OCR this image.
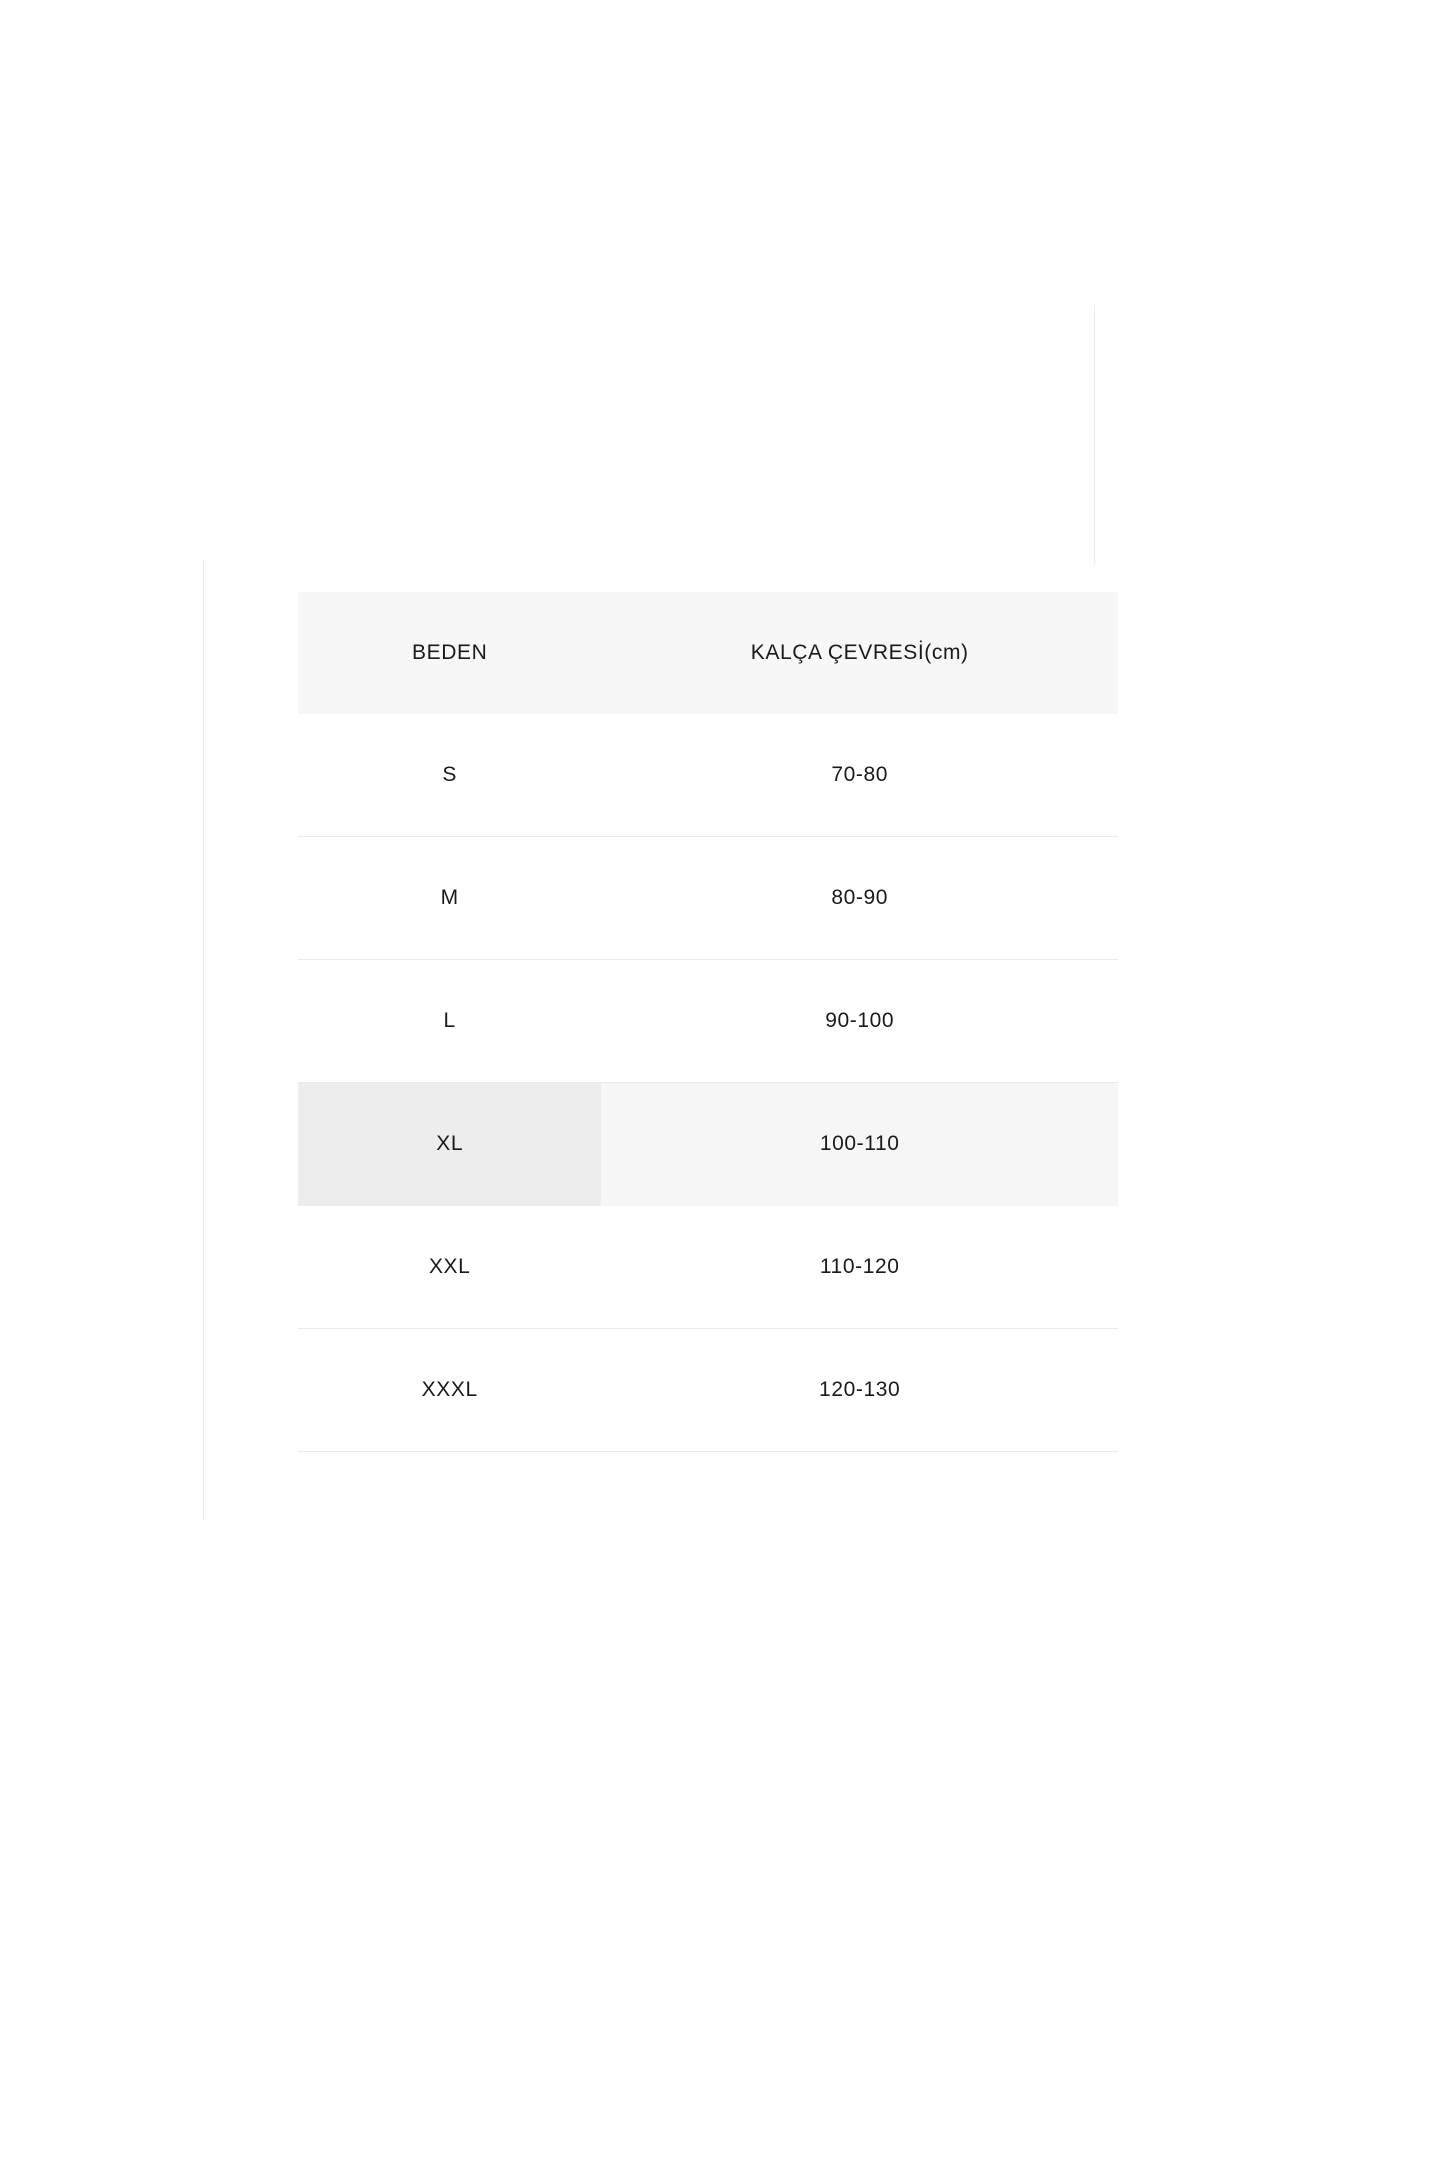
BEDEN	KALÇA ÇEVRESİ(cm)
S	70-80
M	80-90
L	90-100
XL	100-110
XXL	110-120
XXXL	120-130
